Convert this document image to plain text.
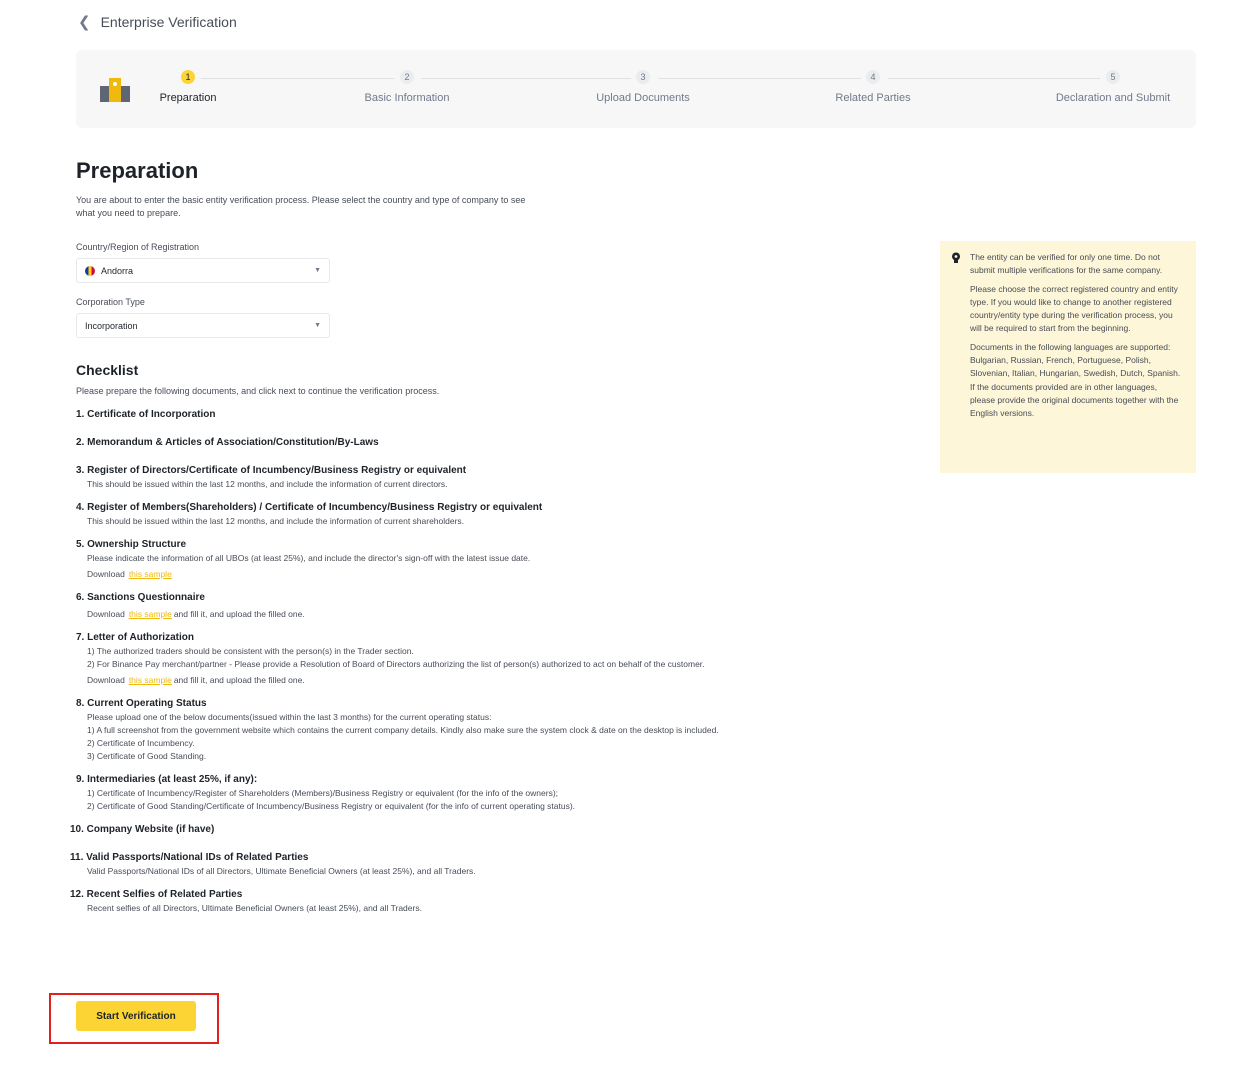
❮ Enterprise Verification
1
Preparation
2
Basic Information
3
Upload Documents
4
Related Parties
5
Declaration and Submit
Preparation
You are about to enter the basic entity verification process. Please select the country and type of company to see what you need to prepare.
Country/Region of Registration
Andorra	▼
Corporation Type
Incorporation	▼
Checklist
Please prepare the following documents, and click next to continue the verification process.
1. Certificate of Incorporation
2. Memorandum & Articles of Association/Constitution/By-Laws
3. Register of Directors/Certificate of Incumbency/Business Registry or equivalent
This should be issued within the last 12 months, and include the information of current directors.
4. Register of Members(Shareholders) / Certificate of Incumbency/Business Registry or equivalent
This should be issued within the last 12 months, and include the information of current shareholders.
5. Ownership Structure
Please indicate the information of all UBOs (at least 25%), and include the director's sign-off with the latest issue date.
Download this sample
6. Sanctions Questionnaire
Download this sample and fill it, and upload the filled one.
7. Letter of Authorization
1) The authorized traders should be consistent with the person(s) in the Trader section.
2) For Binance Pay merchant/partner - Please provide a Resolution of Board of Directors authorizing the list of person(s) authorized to act on behalf of the customer.
Download this sample and fill it, and upload the filled one.
8. Current Operating Status
Please upload one of the below documents(issued within the last 3 months) for the current operating status:
1) A full screenshot from the government website which contains the current company details. Kindly also make sure the system clock & date on the desktop is included.
2) Certificate of Incumbency.
3) Certificate of Good Standing.
9. Intermediaries (at least 25%, if any):
1) Certificate of Incumbency/Register of Shareholders (Members)/Business Registry or equivalent (for the info of the owners);
2) Certificate of Good Standing/Certificate of Incumbency/Business Registry or equivalent (for the info of current operating status).
10. Company Website (if have)
11. Valid Passports/National IDs of Related Parties
Valid Passports/National IDs of all Directors, Ultimate Beneficial Owners (at least 25%), and all Traders.
12. Recent Selfies of Related Parties
Recent selfies of all Directors, Ultimate Beneficial Owners (at least 25%), and all Traders.

The entity can be verified for only one time. Do not submit multiple verifications for the same company.

Please choose the correct registered country and entity type. If you would like to change to another registered country/entity type during the verification process, you will be required to start from the beginning.

Documents in the following languages are supported: Bulgarian, Russian, French, Portuguese, Polish, Slovenian, Italian, Hungarian, Swedish, Dutch, Spanish. If the documents provided are in other languages, please provide the original documents together with the English versions.

Start Verification
